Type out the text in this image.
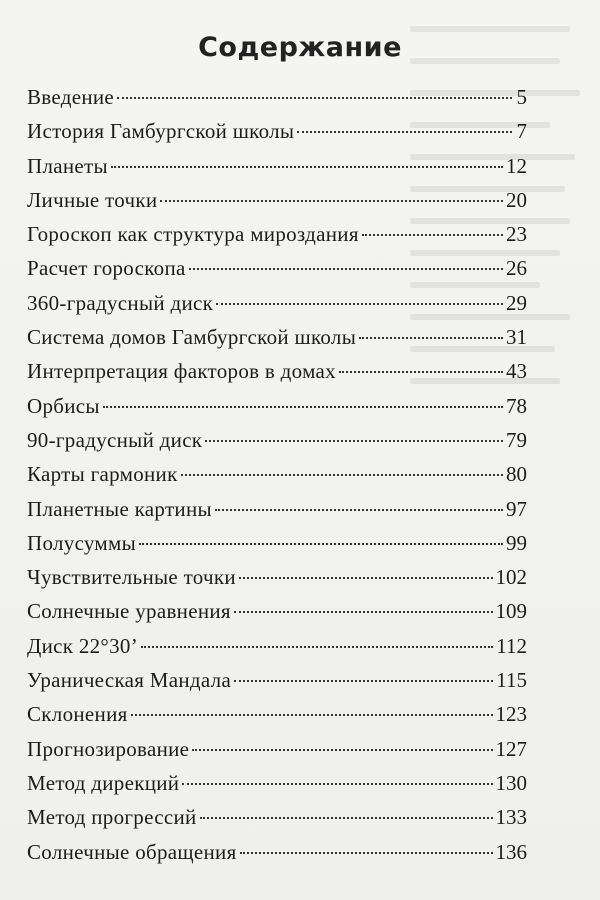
Содержание
Введение	5
История Гамбургской школы	7
Планеты	12
Личные точки	20
Гороскоп как структура мироздания	23
Расчет гороскопа	26
360-градусный диск	29
Система домов Гамбургской школы	31
Интерпретация факторов в домах	43
Орбисы	78
90-градусный диск	79
Карты гармоник	80
Планетные картины	97
Полусуммы	99
Чувствительные точки	102
Солнечные уравнения	109
Диск 22°30’	112
Ураническая Мандала	115
Склонения	123
Прогнозирование	127
Метод дирекций	130
Метод прогрессий	133
Солнечные обращения	136
